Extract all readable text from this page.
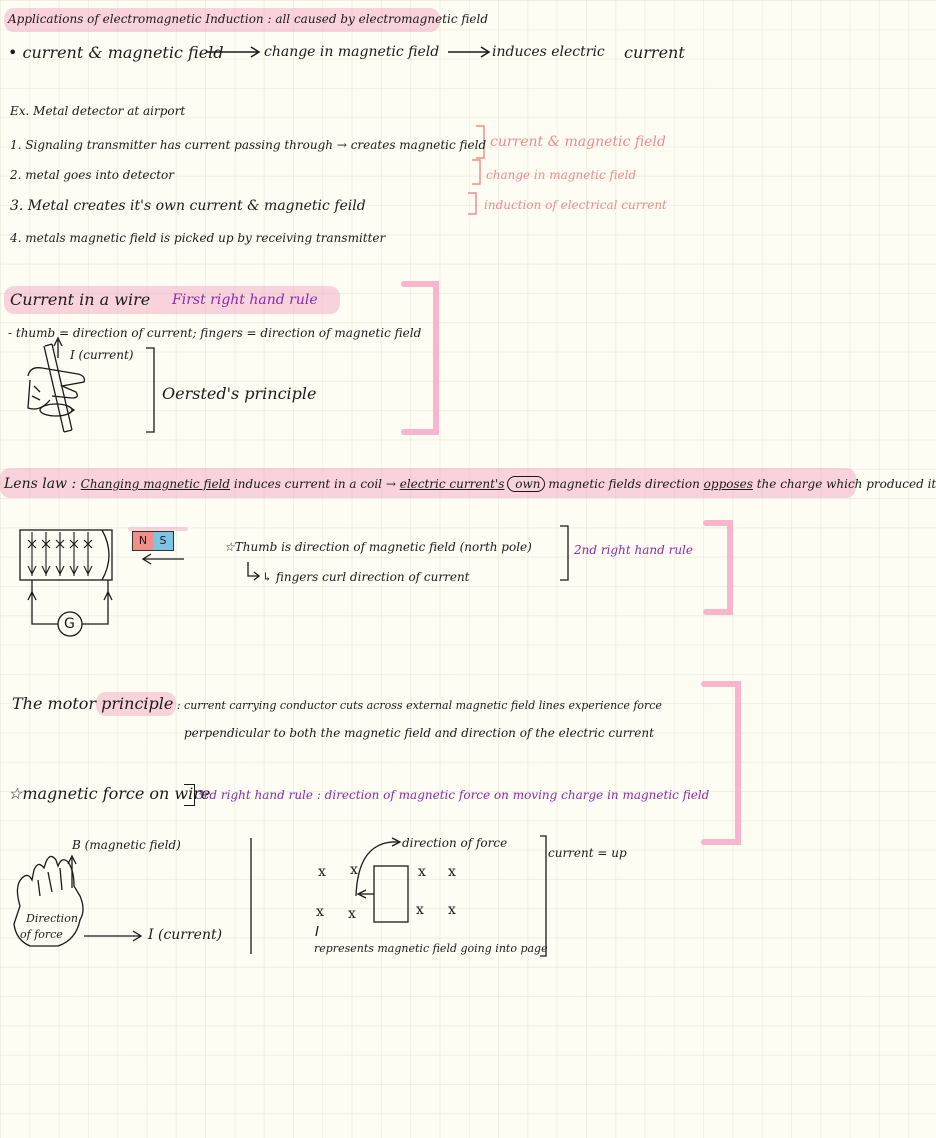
Applications of electromagnetic Induction : all caused by electromagnetic field
• current & magnetic field	change in magnetic field	induces electric current
Ex. Metal detector at airport
1. Signaling transmitter has current passing through → creates magnetic field
2. metal goes into detector
3. Metal creates it's own current & magnetic feild
4. metals magnetic field is picked up by receiving transmitter
current & magnetic field
change in magnetic field
induction of electrical current
Current in a wire First right hand rule
- thumb = direction of current; fingers = direction of magnetic field
I (current)
Oersted's principle
Lens law : Changing magnetic field induces current in a coil → electric current's own magnetic fields direction opposes the charge which produced it
N	S
G
☆Thumb is direction of magnetic field (north pole)
↳ fingers curl direction of current
2nd right hand rule
The motor principle : current carrying conductor cuts across external magnetic field lines experience force
perpendicular to both the magnetic field and direction of the electric current
☆magnetic force on wire
3rd right hand rule : direction of magnetic force on moving charge in magnetic field
B (magnetic field)
Direction
of force	I (current)
direction of force
current = up
represents magnetic field going into page
x x	x x
x x	x x
